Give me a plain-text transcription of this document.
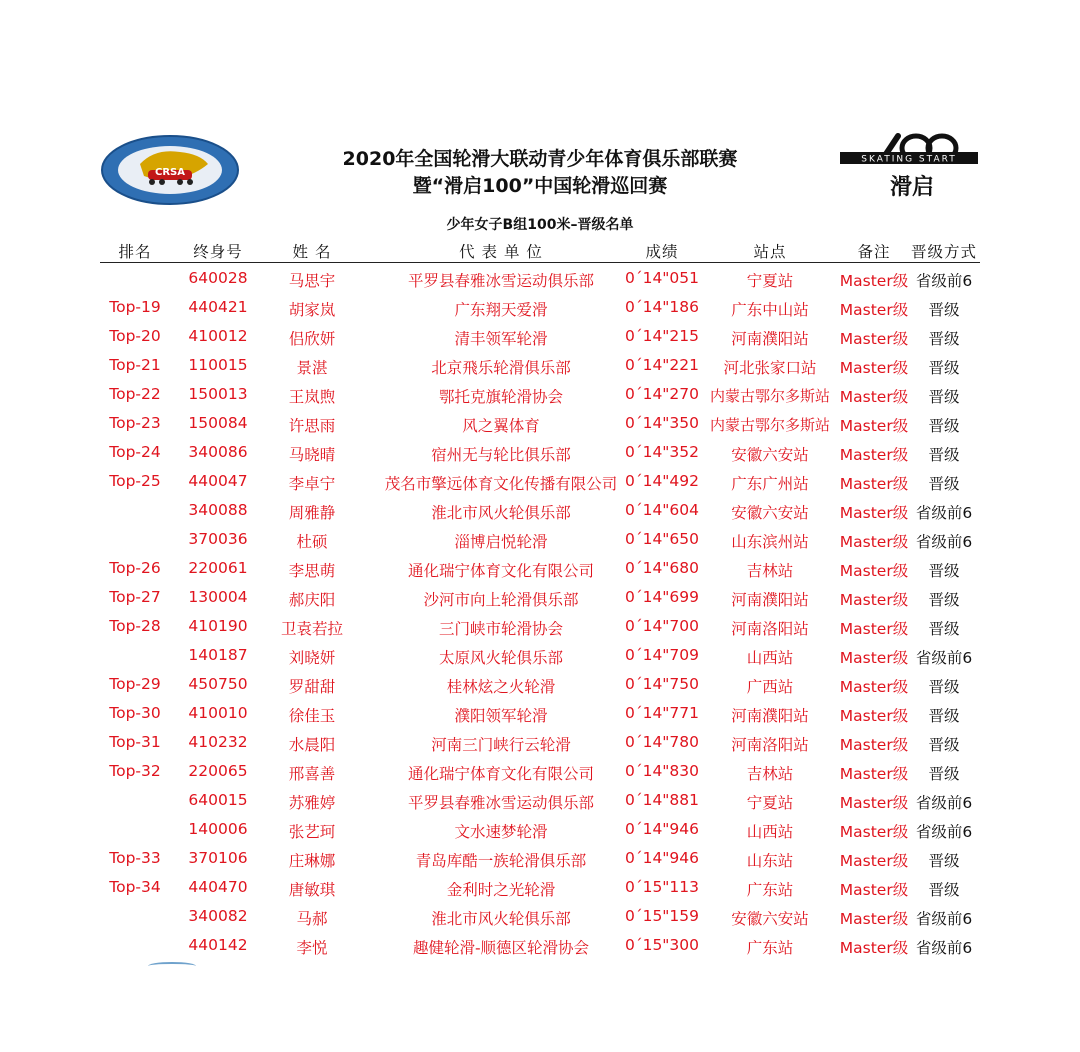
CRSA
2020年全国轮滑大联动青少年体育俱乐部联赛
暨“滑启100”中国轮滑巡回赛
SKATING START
滑启
少年女子B组100米–晋级名单
排名	终身号	姓 名	代 表 单 位	成绩	站点	备注 晋级方式
640028	马思宇	平罗县春雅冰雪运动俱乐部 0´14"051	宁夏站	Master级 省级前6
Top-19 440421	胡家岚	广东翔天爱滑	0´14"186 广东中山站 Master级 晋级
Top-20 410012	侣欣妍	清丰领军轮滑	0´14"215 河南濮阳站 Master级 晋级
Top-21 110015	景湛	北京飛乐轮滑俱乐部	0´14"221 河北张家口站 Master级 晋级
Top-22 150013	王岚煦	鄂托克旗轮滑协会	0´14"270 内蒙古鄂尔多斯站 Master级 晋级
Top-23 150084	许思雨	风之翼体育	0´14"350 内蒙古鄂尔多斯站 Master级 晋级
Top-24 340086	马晓晴	宿州无与轮比俱乐部	0´14"352 安徽六安站 Master级 晋级
Top-25 440047	李卓宁	茂名市擎远体育文化传播有限公司 0´14"492 广东广州站 Master级 晋级
340088	周雅静	淮北市风火轮俱乐部	0´14"604 安徽六安站 Master级 省级前6
370036	杜硕	淄博启悦轮滑	0´14"650 山东滨州站 Master级 省级前6
Top-26 220061	李思萌	通化瑞宁体育文化有限公司 0´14"680	吉林站	Master级 晋级
Top-27 130004	郝庆阳	沙河市向上轮滑俱乐部	0´14"699 河南濮阳站 Master级 晋级
Top-28 410190 卫袁若拉	三门峡市轮滑协会	0´14"700 河南洛阳站 Master级 晋级
140187	刘晓妍	太原风火轮俱乐部	0´14"709	山西站	Master级 省级前6
Top-29 450750	罗甜甜	桂林炫之火轮滑	0´14"750	广西站	Master级 晋级
Top-30 410010	徐佳玉	濮阳领军轮滑	0´14"771 河南濮阳站 Master级 晋级
Top-31 410232	水晨阳	河南三门峡行云轮滑	0´14"780 河南洛阳站 Master级 晋级
Top-32 220065	邢喜善	通化瑞宁体育文化有限公司 0´14"830	吉林站	Master级 晋级
640015	苏雅婷	平罗县春雅冰雪运动俱乐部 0´14"881	宁夏站	Master级 省级前6
140006	张艺珂	文水速梦轮滑	0´14"946	山西站	Master级 省级前6
Top-33 370106	庄琳娜	青岛库酷一族轮滑俱乐部 0´14"946	山东站	Master级 晋级
Top-34 440470	唐敏琪	金利时之光轮滑	0´15"113	广东站	Master级 晋级
340082	马郝	淮北市风火轮俱乐部	0´15"159 安徽六安站 Master级 省级前6
440142	李悦	趣健轮滑-顺德区轮滑协会 0´15"300	广东站	Master级 省级前6
